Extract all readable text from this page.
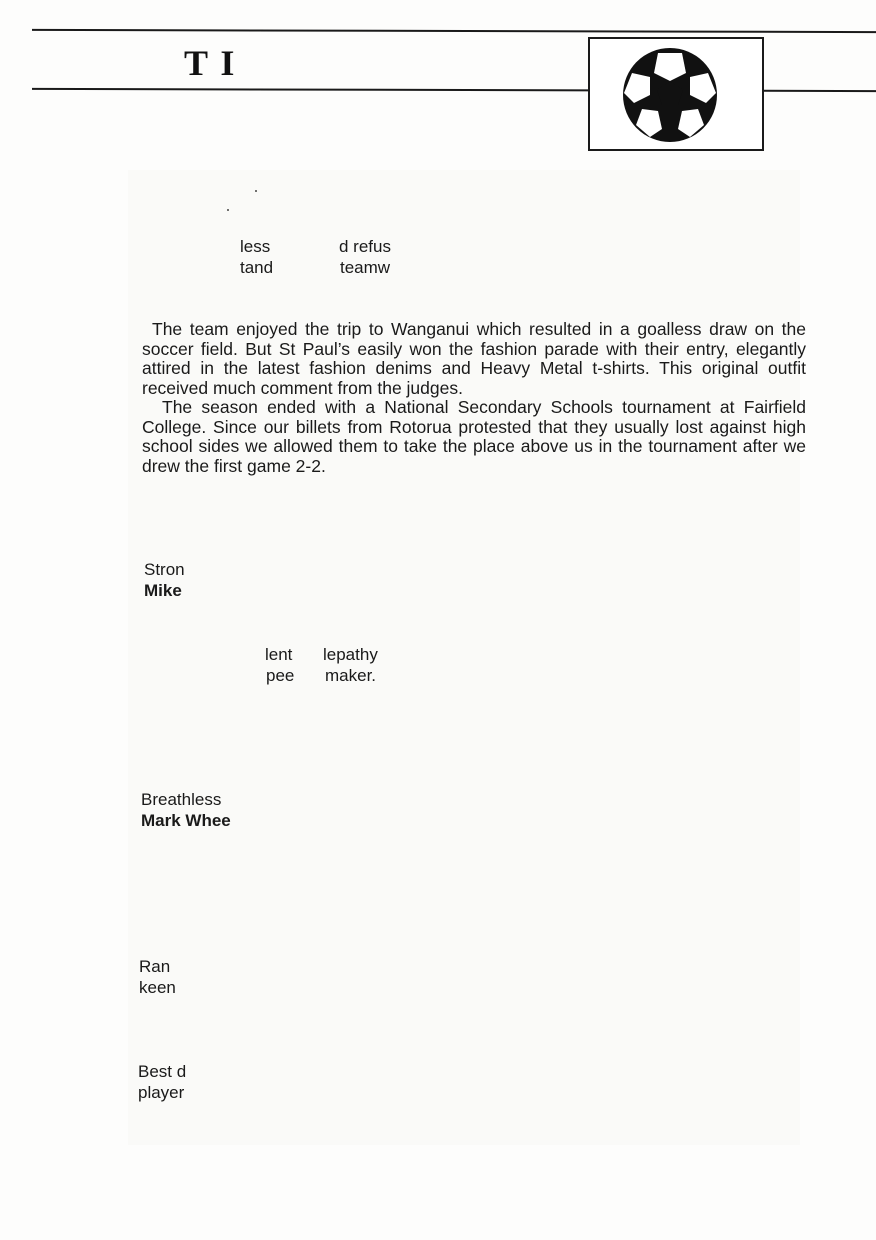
T I
less	d refus
tand	teamw

The team enjoyed the trip to Wanganui which resulted in a goalless draw on the soccer field. But St Paul’s easily won the fashion parade with their entry, elegantly attired in the latest fashion denims and Heavy Metal t-shirts. This original outfit received much comment from the judges.

The season ended with a National Secondary Schools tournament at Fairfield College. Since our billets from Rotorua protested that they usually lost against high school sides we allowed them to take the place above us in the tournament after we drew the first game 2-2.

Stron
Mike
lent lepathy
pee maker.
Breathless
Mark Whee
Ran
keen
Best d
player
